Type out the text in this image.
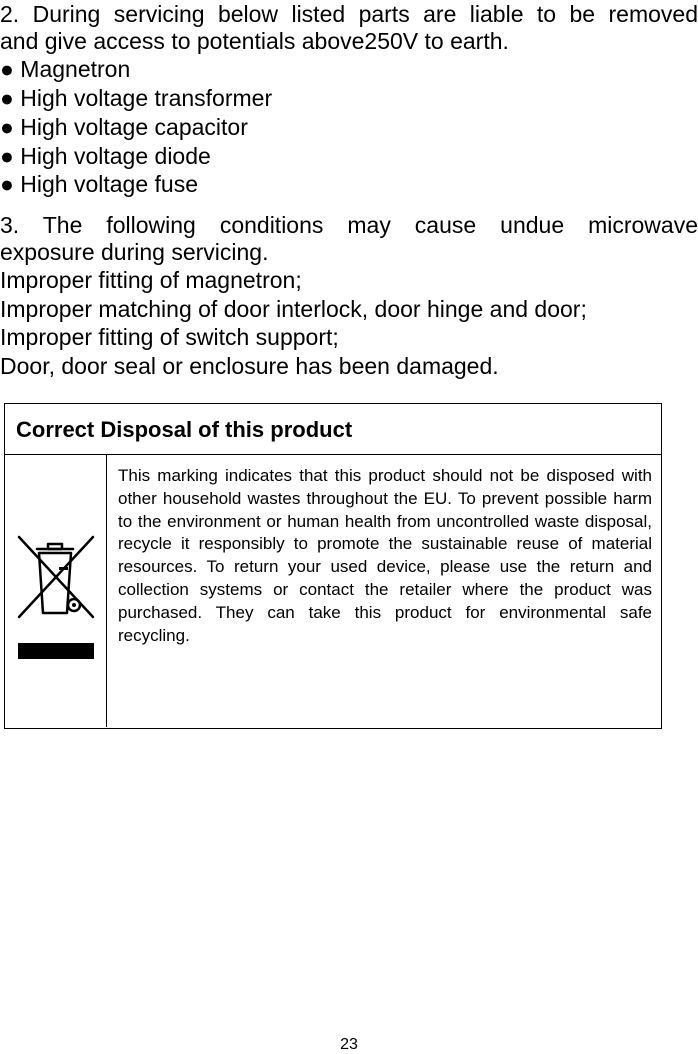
2. During servicing below listed parts are liable to be removed
and give access to potentials above250V to earth.
● Magnetron
● High voltage transformer
● High voltage capacitor
● High voltage diode
● High voltage fuse
3. The following conditions may cause undue microwave
exposure during servicing.
Improper fitting of magnetron;
Improper matching of door interlock, door hinge and door;
Improper fitting of switch support;
Door, door seal or enclosure has been damaged.
Correct Disposal of this product
This marking indicates that this product should not be disposed with other household wastes throughout the EU. To prevent possible harm to the environment or human health from uncontrolled waste disposal, recycle it responsibly to promote the sustainable reuse of material resources. To return your used device, please use the return and collection systems or contact the retailer where the product was purchased. They can take this product for environmental safe recycling.
23
